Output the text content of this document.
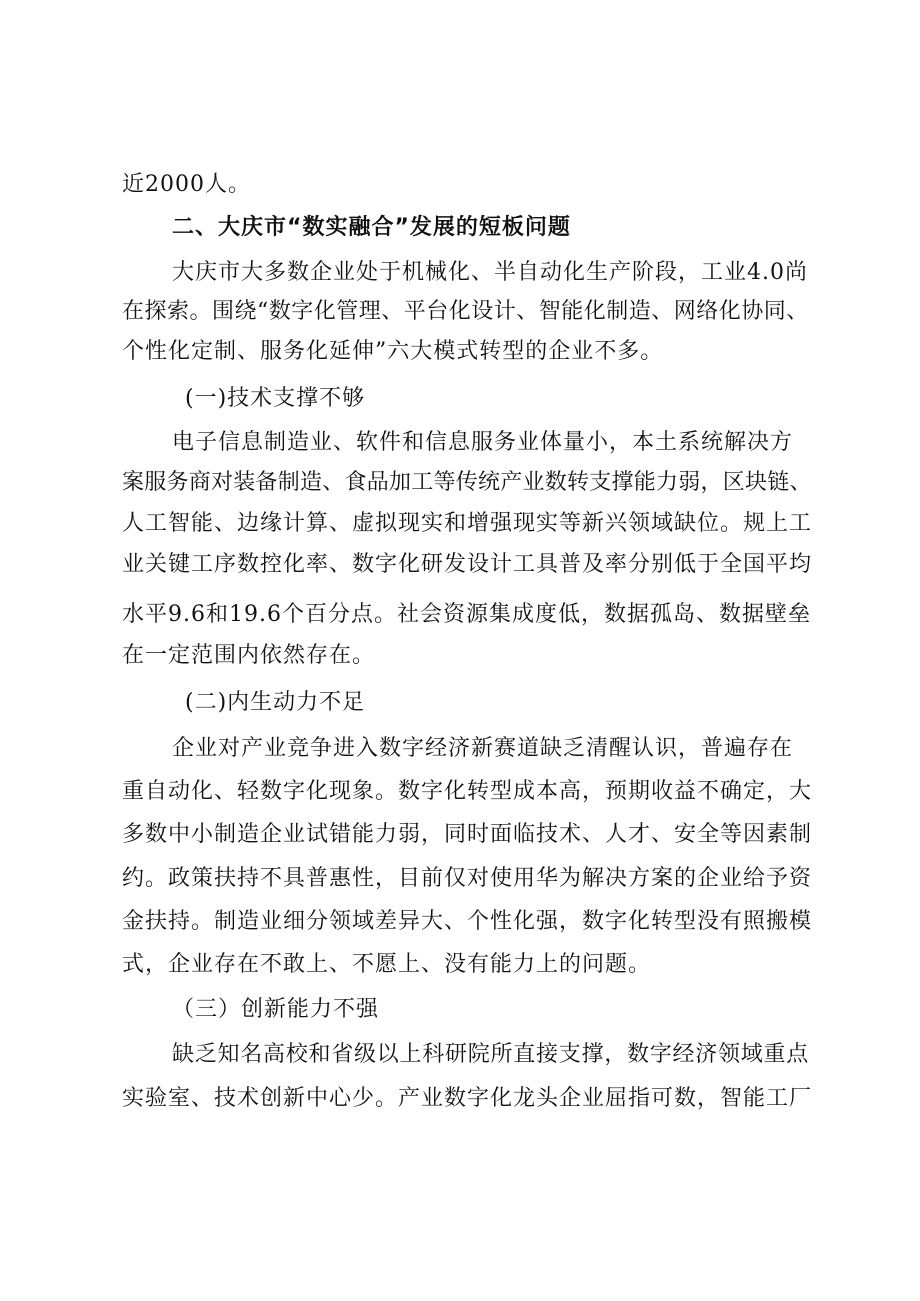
近2000人。
二、大庆市“数实融合”发展的短板问题
大庆市大多数企业处于机械化、半自动化生产阶段，工业4.0尚
在探索。围绕“数字化管理、平台化设计、智能化制造、网络化协同、
个性化定制、服务化延伸”六大模式转型的企业不多。
(一)技术支撑不够
电子信息制造业、软件和信息服务业体量小，本土系统解决方
案服务商对装备制造、食品加工等传统产业数转支撑能力弱，区块链、
人工智能、边缘计算、虚拟现实和增强现实等新兴领域缺位。规上工
业关键工序数控化率、数字化研发设计工具普及率分别低于全国平均
水平9.6和19.6个百分点。社会资源集成度低，数据孤岛、数据壁垒
在一定范围内依然存在。
(二)内生动力不足
企业对产业竞争进入数字经济新赛道缺乏清醒认识，普遍存在
重自动化、轻数字化现象。数字化转型成本高，预期收益不确定，大
多数中小制造企业试错能力弱，同时面临技术、人才、安全等因素制
约。政策扶持不具普惠性，目前仅对使用华为解决方案的企业给予资
金扶持。制造业细分领域差异大、个性化强，数字化转型没有照搬模
式，企业存在不敢上、不愿上、没有能力上的问题。
（三）创新能力不强
缺乏知名高校和省级以上科研院所直接支撑，数字经济领域重点
实验室、技术创新中心少。产业数字化龙头企业屈指可数，智能工厂
